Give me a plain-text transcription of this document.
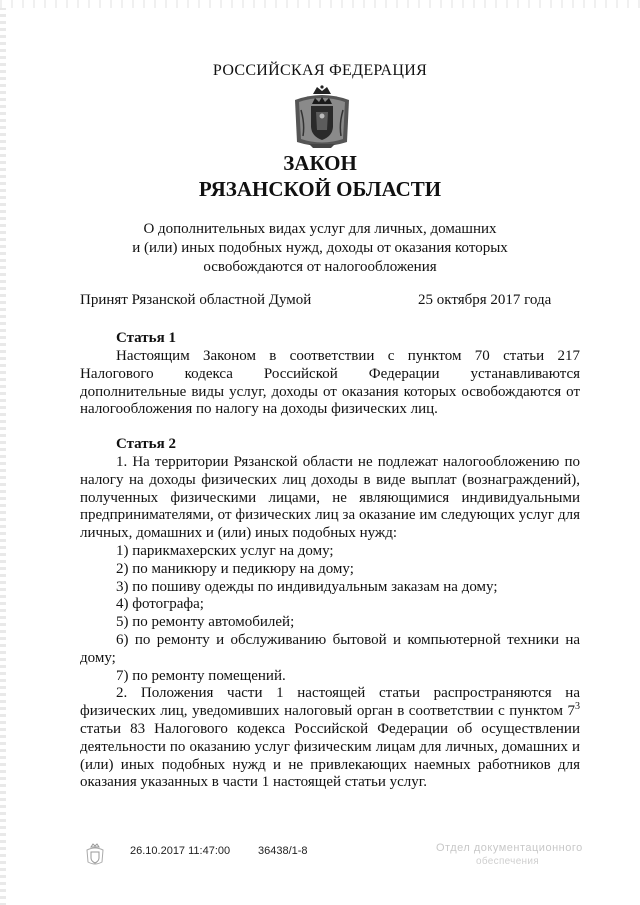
РОССИЙСКАЯ ФЕДЕРАЦИЯ
ЗАКОН
РЯЗАНСКОЙ ОБЛАСТИ
О дополнительных видах услуг для личных, домашних
и (или) иных подобных нужд, доходы от оказания которых
освобождаются от налогообложения
Принят Рязанской областной Думой	25 октября 2017 года
Статья 1

Настоящим Законом в соответствии с пунктом 70 статьи 217 Налогового кодекса Российской Федерации устанавливаются дополнительные виды услуг, доходы от оказания которых освобождаются от налогообложения по налогу на доходы физических лиц.

Статья 2

1. На территории Рязанской области не подлежат налогообложению по налогу на доходы физических лиц доходы в виде выплат (вознаграждений), полученных физическими лицами, не являющимися индивидуальными предпринимателями, от физических лиц за оказание им следующих услуг для личных, домашних и (или) иных подобных нужд:

1) парикмахерских услуг на дому;

2) по маникюру и педикюру на дому;

3) по пошиву одежды по индивидуальным заказам на дому;

4) фотографа;

5) по ремонту автомобилей;

6) по ремонту и обслуживанию бытовой и компьютерной техники на дому;

7) по ремонту помещений.

2. Положения части 1 настоящей статьи распространяются на физических лиц, уведомивших налоговый орган в соответствии с пунктом $7^3$ статьи 83 Налогового кодекса Российской Федерации об осуществлении деятельности по оказанию услуг физическим лицам для личных, домашних и (или) иных подобных нужд и не привлекающих наемных работников для оказания указанных в части 1 настоящей статьи услуг.

26.10.2017 11:47:00	36438/1-8	Отдел документационного
обеспечения
